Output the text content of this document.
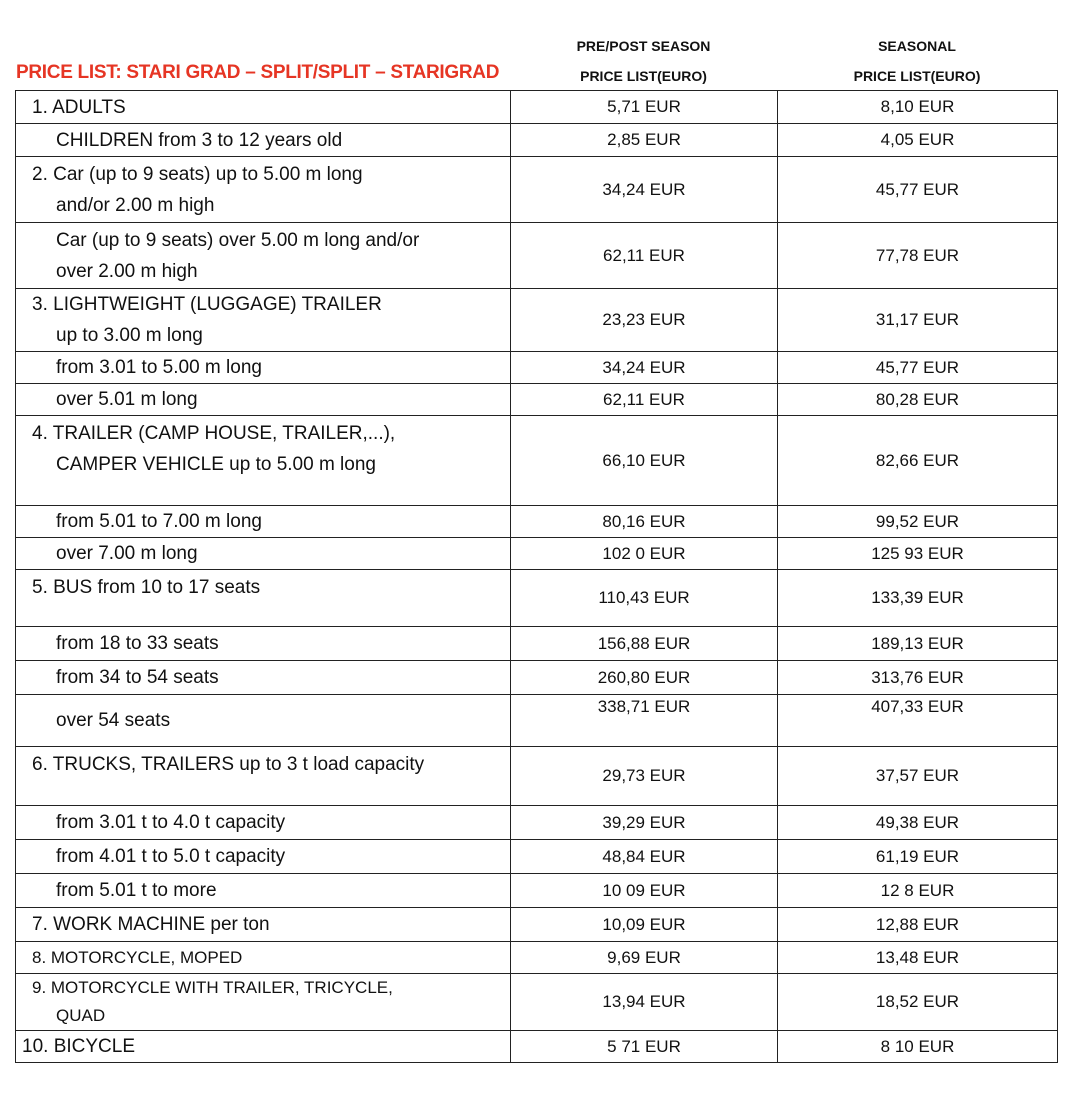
PRICE LIST: STARI GRAD – SPLIT/SPLIT – STARIGRAD
PRE/POST SEASON
PRICE LIST(EURO)
SEASONAL
PRICE LIST(EURO)
1. ADULTS	5,71 EUR	8,10 EUR

CHILDREN from 3 to 12 years old	2,85 EUR	4,05 EUR

2. Car (up to 9 seats) up to 5.00 m long
and/or 2.00 m high	34,24 EUR	45,77 EUR

Car (up to 9 seats) over 5.00 m long and/or
over 2.00 m high	62,11 EUR	77,78 EUR

3. LIGHTWEIGHT (LUGGAGE) TRAILER
up to 3.00 m long	23,23 EUR	31,17 EUR

from 3.01 to 5.00 m long	34,24 EUR	45,77 EUR

over 5.01 m long	62,11 EUR	80,28 EUR

4. TRAILER (CAMP HOUSE, TRAILER,...),
CAMPER VEHICLE up to 5.00 m long	66,10 EUR	82,66 EUR

from 5.01 to 7.00 m long	80,16 EUR	99,52 EUR

over 7.00 m long	102 0 EUR	125 93 EUR

5. BUS from 10 to 17 seats	110,43 EUR	133,39 EUR

from 18 to 33 seats	156,88 EUR	189,13 EUR

from 34 to 54 seats	260,80 EUR	313,76 EUR

over 54 seats	338,71 EUR	407,33 EUR

6. TRUCKS, TRAILERS up to 3 t load capacity	29,73 EUR	37,57 EUR

from 3.01 t to 4.0 t capacity	39,29 EUR	49,38 EUR

from 4.01 t to 5.0 t capacity	48,84 EUR	61,19 EUR

from 5.01 t to more	10 09 EUR	12 8 EUR

7. WORK MACHINE per ton	10,09 EUR	12,88 EUR

8. MOTORCYCLE, MOPED	9,69 EUR	13,48 EUR

9. MOTORCYCLE WITH TRAILER, TRICYCLE,
QUAD	13,94 EUR	18,52 EUR

10. BICYCLE	5 71 EUR	8 10 EUR
